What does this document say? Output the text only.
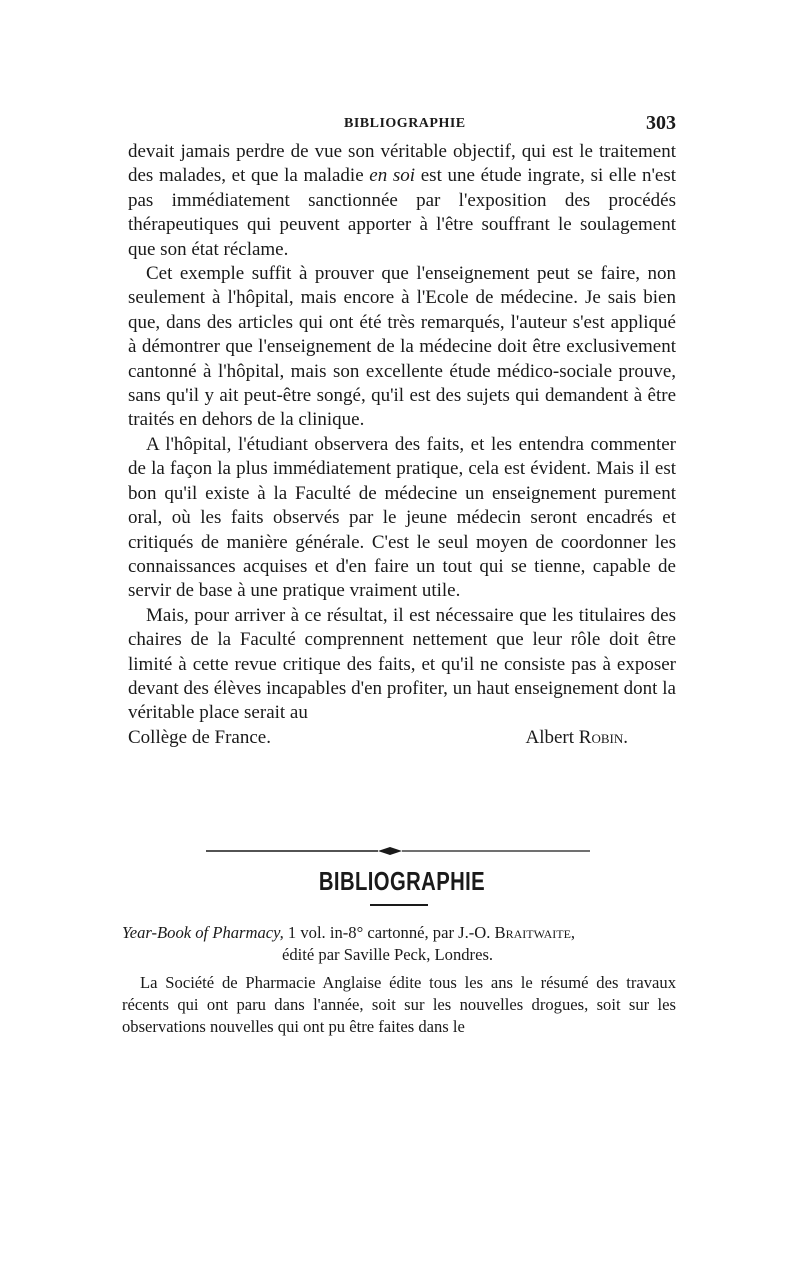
BIBLIOGRAPHIE	303

devait jamais perdre de vue son véritable objectif, qui est le traitement des malades, et que la maladie en soi est une étude ingrate, si elle n'est pas immédiatement sanctionnée par l'exposition des procédés thérapeutiques qui peuvent apporter à l'être souffrant le soulagement que son état réclame.

Cet exemple suffit à prouver que l'enseignement peut se faire, non seulement à l'hôpital, mais encore à l'Ecole de médecine. Je sais bien que, dans des articles qui ont été très remarqués, l'auteur s'est appliqué à démontrer que l'enseignement de la médecine doit être exclusivement cantonné à l'hôpital, mais son excellente étude médico-sociale prouve, sans qu'il y ait peut-être songé, qu'il est des sujets qui demandent à être traités en dehors de la clinique.

A l'hôpital, l'étudiant observera des faits, et les entendra commenter de la façon la plus immédiatement pratique, cela est évident. Mais il est bon qu'il existe à la Faculté de médecine un enseignement purement oral, où les faits observés par le jeune médecin seront encadrés et critiqués de manière générale. C'est le seul moyen de coordonner les connaissances acquises et d'en faire un tout qui se tienne, capable de servir de base à une pratique vraiment utile.

Mais, pour arriver à ce résultat, il est nécessaire que les titulaires des chaires de la Faculté comprennent nettement que leur rôle doit être limité à cette revue critique des faits, et qu'il ne consiste pas à exposer devant des élèves incapables d'en profiter, un haut enseignement dont la véritable place serait au

Collège de France.	Albert Robin.
BIBLIOGRAPHIE

Year-Book of Pharmacy, 1 vol. in-8° cartonné, par J.-O. Braitwaite,

édité par Saville Peck, Londres.

La Société de Pharmacie Anglaise édite tous les ans le résumé des travaux récents qui ont paru dans l'année, soit sur les nouvelles drogues, soit sur les observations nouvelles qui ont pu être faites dans le
